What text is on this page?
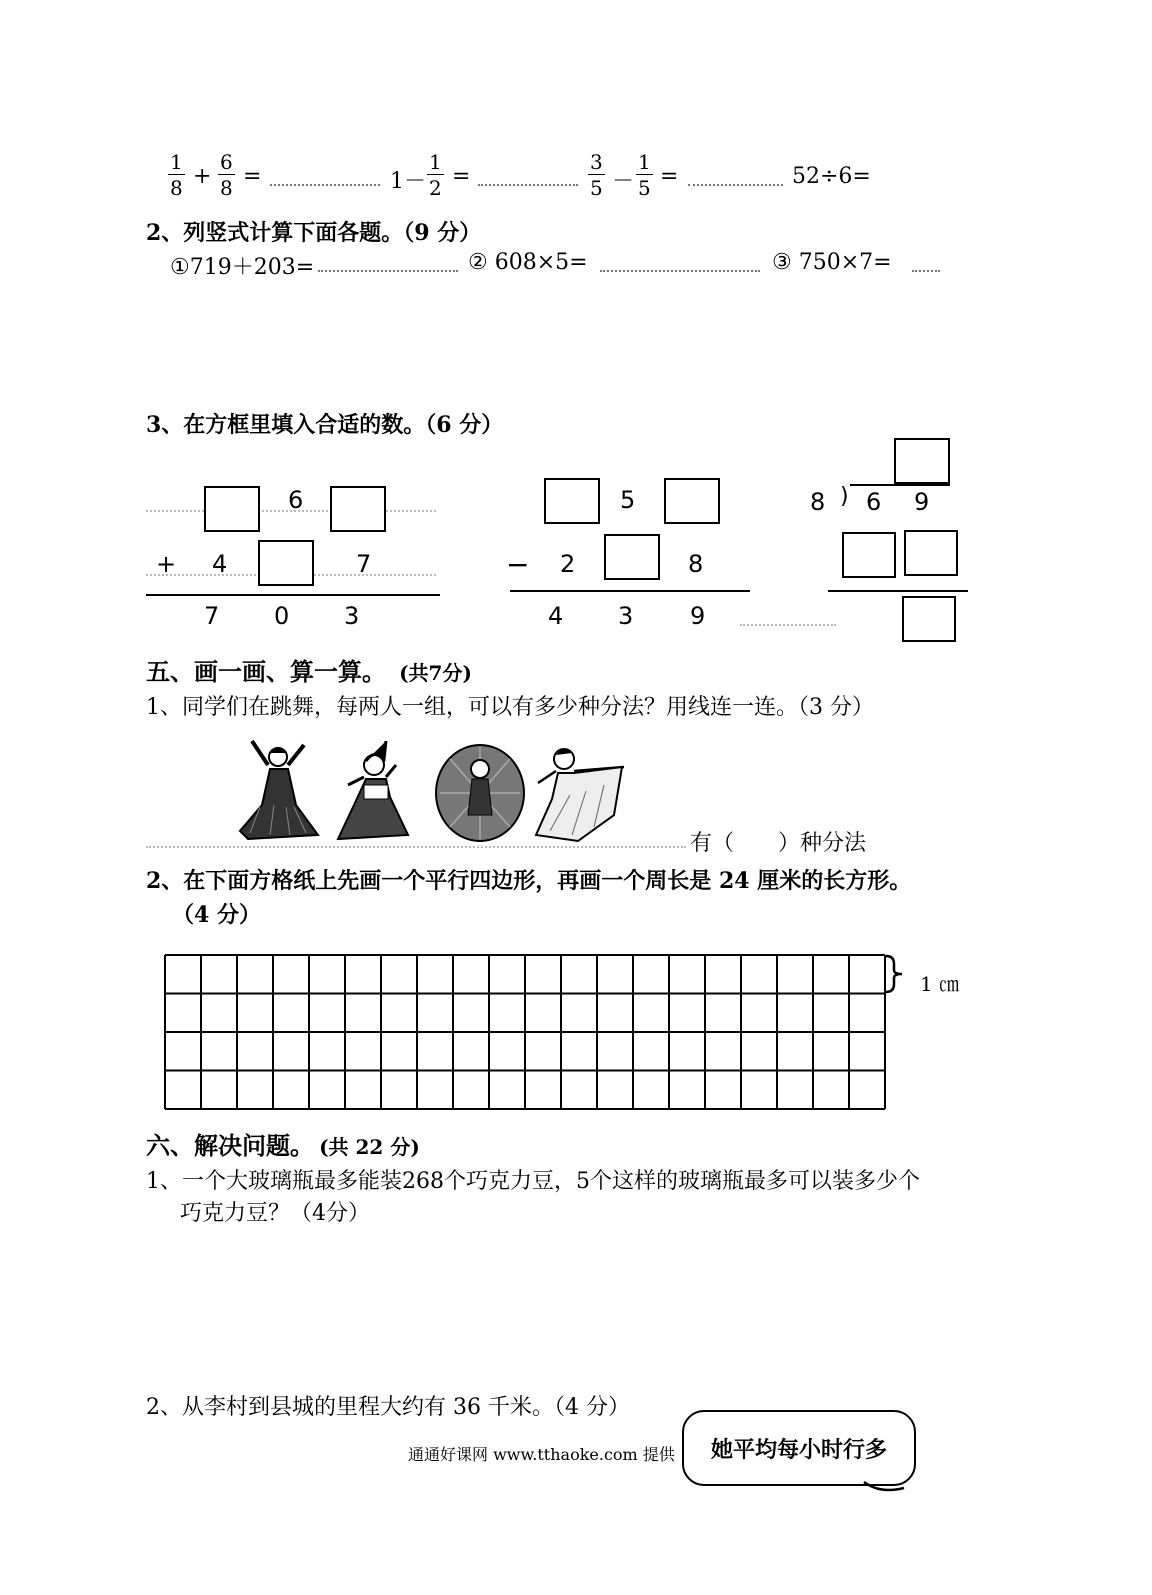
$\frac{1}{8} + \frac{6}{8}$ =	$1- \frac{1}{2}$ =	$\frac{3}{5} - \frac{1}{5}$ =	52÷6=
2、列竖式计算下面各题。（9 分）
①719＋203=	② 608×5=	③ 750×7=
3、在方框里填入合适的数。（6 分）
6
+ 4	7
7 0 3
5
− 2	8
4 3 9
8 ) 6 9
五、画一画、算一算。 (共7分)
1、同学们在跳舞，每两人一组，可以有多少种分法？用线连一连。（3 分）
有（　　）种分法
2、在下面方格纸上先画一个平行四边形，再画一个周长是 24 厘米的长方形。
（4 分）
1 ㎝
六、解决问题。 (共 22 分)
1、一个大玻璃瓶最多能装268个巧克力豆，5个这样的玻璃瓶最多可以装多少个
巧克力豆？（4分）
2、从李村到县城的里程大约有 36 千米。（4 分）
通通好课网 www.tthaoke.com 提供 她平均每小时行多
